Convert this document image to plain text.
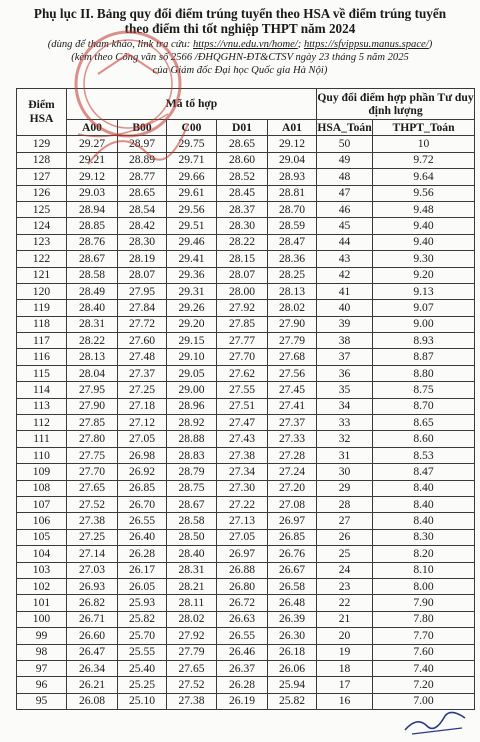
Phụ lục II. Bảng quy đổi điểm trúng tuyển theo HSA về điểm trúng tuyển
theo điểm thi tốt nghiệp THPT năm 2024
(dùng để tham khảo, link tra cứu: https://vnu.edu.vn/home/; https://sfvippsu.manus.space/)
(kèm theo Công văn số 2566 /ĐHQGHN-ĐT&CTSV ngày 23 tháng 5 năm 2025
của Giám đốc Đại học Quốc gia Hà Nội)
Điểm HSA	Mã tổ hợp					Quy đổi điểm hợp phần Tư duy định lượng	
	A00	B00	C00	D01	A01	HSA_Toán	THPT_Toán
129	29.27	28.97	29.75	28.65	29.12	50	10
128	29.21	28.89	29.71	28.60	29.04	49	9.72
127	29.12	28.77	29.66	28.52	28.93	48	9.64
126	29.03	28.65	29.61	28.45	28.81	47	9.56
125	28.94	28.54	29.56	28.37	28.70	46	9.48
124	28.85	28.42	29.51	28.30	28.59	45	9.40
123	28.76	28.30	29.46	28.22	28.47	44	9.40
122	28.67	28.19	29.41	28.15	28.36	43	9.30
121	28.58	28.07	29.36	28.07	28.25	42	9.20
120	28.49	27.95	29.31	28.00	28.13	41	9.13
119	28.40	27.84	29.26	27.92	28.02	40	9.07
118	28.31	27.72	29.20	27.85	27.90	39	9.00
117	28.22	27.60	29.15	27.77	27.79	38	8.93
116	28.13	27.48	29.10	27.70	27.68	37	8.87
115	28.04	27.37	29.05	27.62	27.56	36	8.80
114	27.95	27.25	29.00	27.55	27.45	35	8.75
113	27.90	27.18	28.96	27.51	27.41	34	8.70
112	27.85	27.12	28.92	27.47	27.37	33	8.65
111	27.80	27.05	28.88	27.43	27.33	32	8.60
110	27.75	26.98	28.83	27.38	27.28	31	8.53
109	27.70	26.92	28.79	27.34	27.24	30	8.47
108	27.65	26.85	28.75	27.30	27.20	29	8.40
107	27.52	26.70	28.67	27.22	27.08	28	8.40
106	27.38	26.55	28.58	27.13	26.97	27	8.40
105	27.25	26.40	28.50	27.05	26.85	26	8.30
104	27.14	26.28	28.40	26.97	26.76	25	8.20
103	27.03	26.17	28.31	26.88	26.67	24	8.10
102	26.93	26.05	28.21	26.80	26.58	23	8.00
101	26.82	25.93	28.11	26.72	26.48	22	7.90
100	26.71	25.82	28.02	26.63	26.39	21	7.80
99	26.60	25.70	27.92	26.55	26.30	20	7.70
98	26.47	25.55	27.79	26.46	26.18	19	7.60
97	26.34	25.40	27.65	26.37	26.06	18	7.40
96	26.21	25.25	27.52	26.28	25.94	17	7.20
95	26.08	25.10	27.38	26.19	25.82	16	7.00
